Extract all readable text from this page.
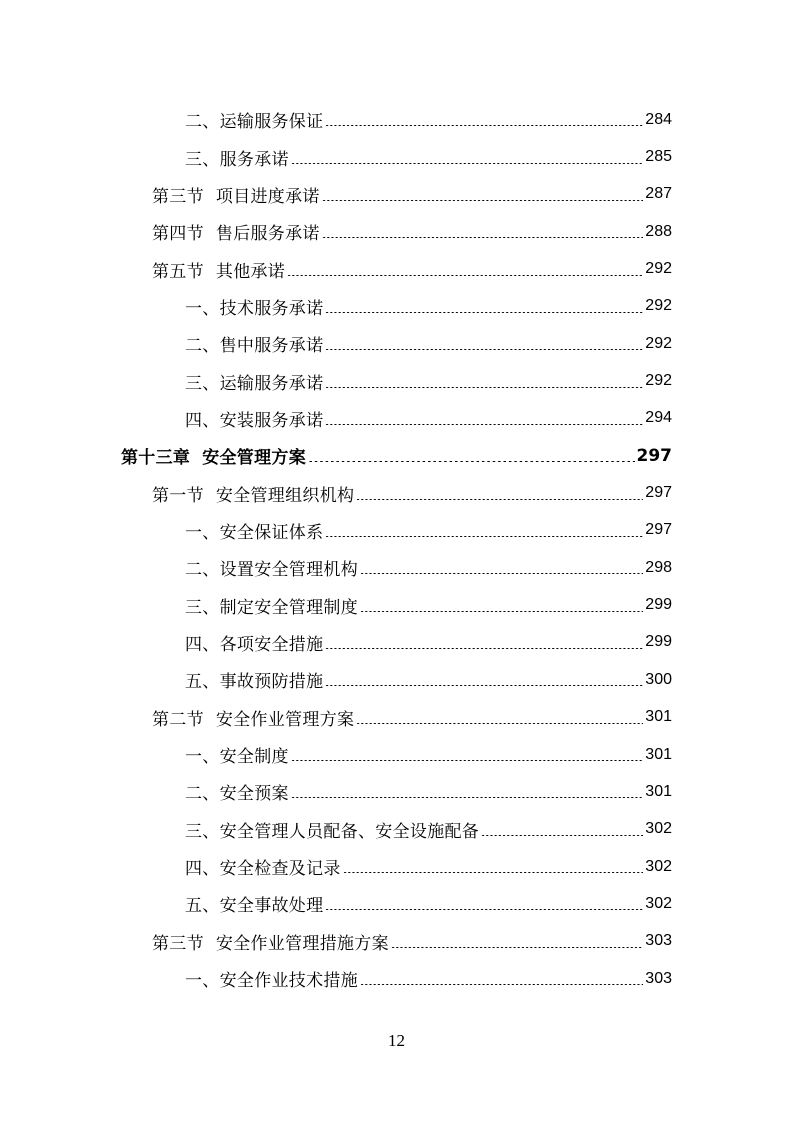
二、运输服务保证	284
三、服务承诺	285
第三节 项目进度承诺	287
第四节 售后服务承诺	288
第五节 其他承诺	292
一、技术服务承诺	292
二、售中服务承诺	292
三、运输服务承诺	292
四、安装服务承诺	294
第十三章 安全管理方案	297
第一节 安全管理组织机构	297
一、安全保证体系	297
二、设置安全管理机构	298
三、制定安全管理制度	299
四、各项安全措施	299
五、事故预防措施	300
第二节 安全作业管理方案	301
一、安全制度	301
二、安全预案	301
三、安全管理人员配备、安全设施配备	302
四、安全检查及记录	302
五、安全事故处理	302
第三节 安全作业管理措施方案	303
一、安全作业技术措施	303
12
